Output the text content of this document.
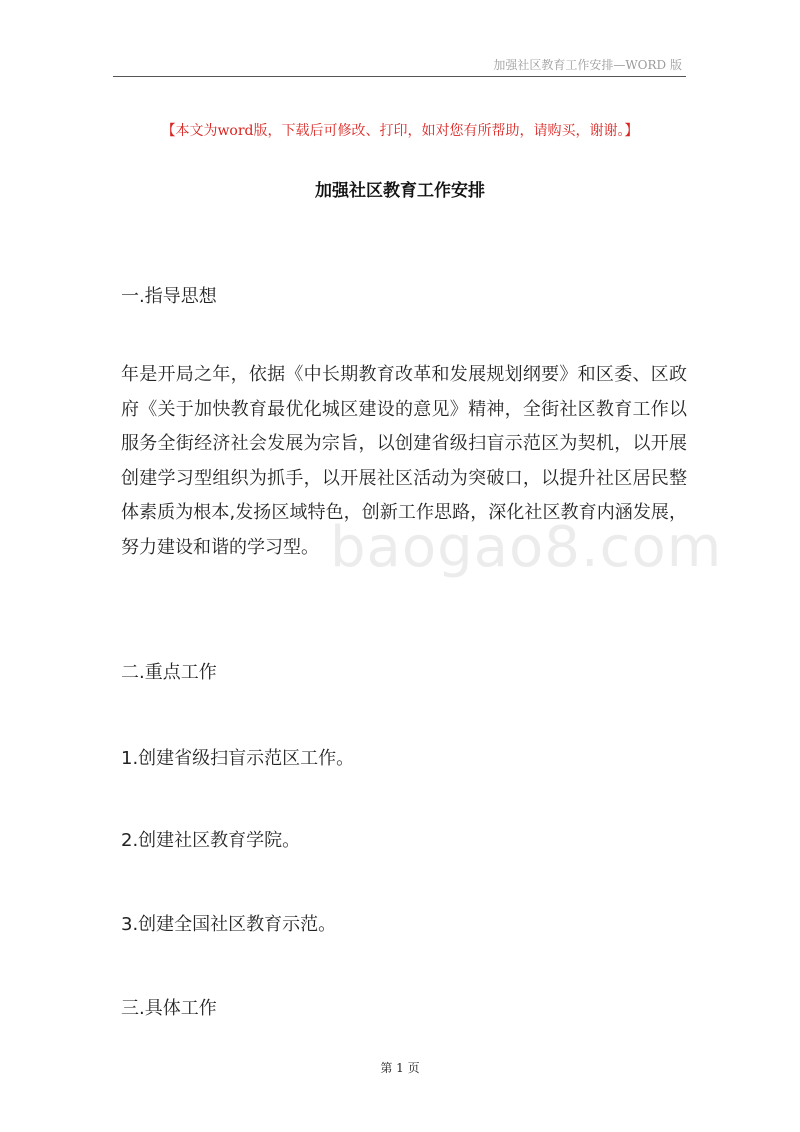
加强社区教育工作安排—WORD 版
【本文为word版，下载后可修改、打印，如对您有所帮助，请购买，谢谢。】
加强社区教育工作安排
baogao8.com
一.指导思想
年是开局之年，依据《中长期教育改革和发展规划纲要》和区委、区政府《关于加快教育最优化城区建设的意见》精神，全街社区教育工作以服务全街经济社会发展为宗旨，以创建省级扫盲示范区为契机，以开展创建学习型组织为抓手，以开展社区活动为突破口，以提升社区居民整体素质为根本,发扬区域特色，创新工作思路，深化社区教育内涵发展，努力建设和谐的学习型。
二.重点工作
1.创建省级扫盲示范区工作。
2.创建社区教育学院。
3.创建全国社区教育示范。
三.具体工作
第 1 页
